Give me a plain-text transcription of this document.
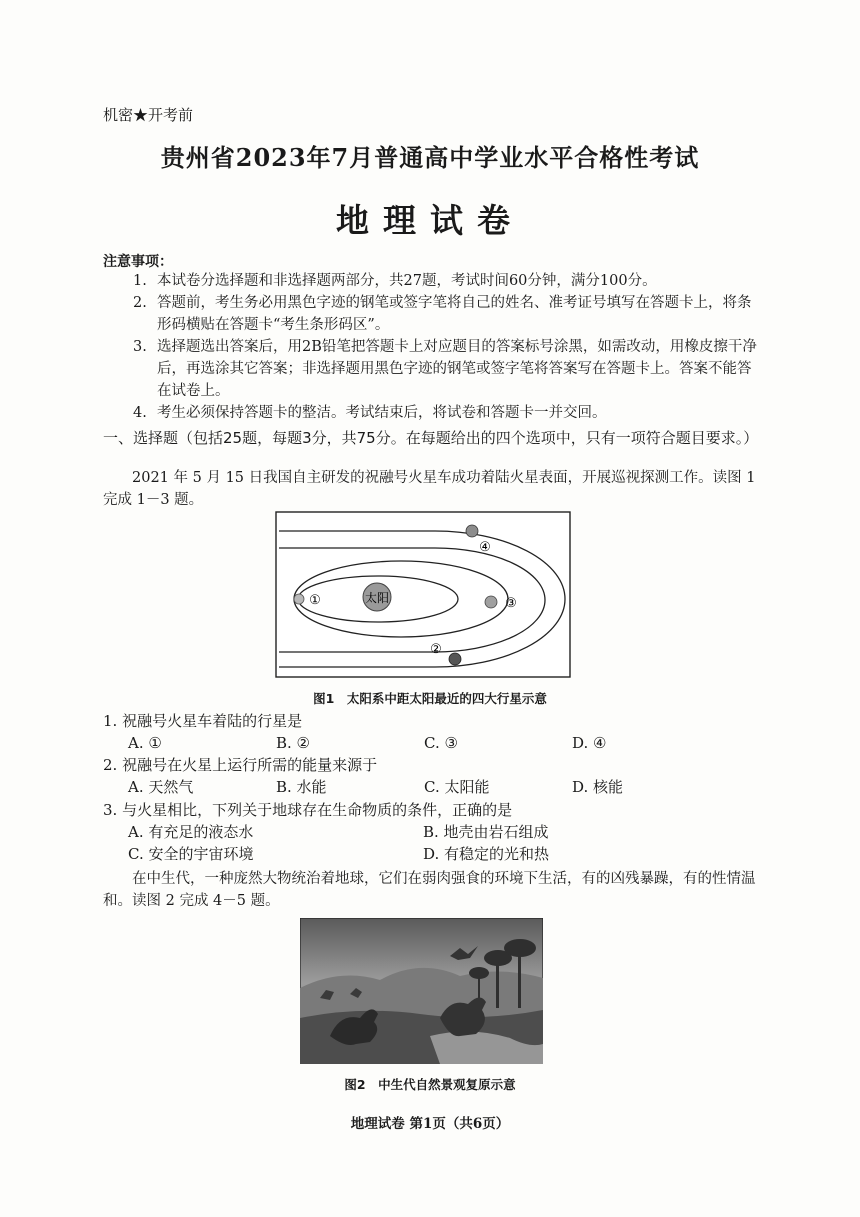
机密★开考前
贵州省2023年7月普通高中学业水平合格性考试
地理试卷
注意事项：
1. 本试卷分选择题和非选择题两部分，共27题，考试时间60分钟，满分100分。
2. 答题前，考生务必用黑色字迹的钢笔或签字笔将自己的姓名、准考证号填写在答题卡上，将条形码横贴在答题卡“考生条形码区”。
3. 选择题选出答案后，用2B铅笔把答题卡上对应题目的答案标号涂黑，如需改动，用橡皮擦干净后，再选涂其它答案；非选择题用黑色字迹的钢笔或签字笔将答案写在答题卡上。答案不能答在试卷上。
4. 考生必须保持答题卡的整洁。考试结束后，将试卷和答题卡一并交回。
一、选择题（包括25题，每题3分，共75分。在每题给出的四个选项中，只有一项符合题目要求。）
2021 年 5 月 15 日我国自主研发的祝融号火星车成功着陆火星表面，开展巡视探测工作。读图 1 完成 1－3 题。
太阳
①
②
③
④
图1　太阳系中距太阳最近的四大行星示意
1. 祝融号火星车着陆的行星是
A. ①	B. ②	C. ③	D. ④
2. 祝融号在火星上运行所需的能量来源于
A. 天然气	B. 水能	C. 太阳能	D. 核能
3. 与火星相比，下列关于地球存在生命物质的条件，正确的是
A. 有充足的液态水	B. 地壳由岩石组成
C. 安全的宇宙环境	D. 有稳定的光和热
在中生代，一种庞然大物统治着地球，它们在弱肉强食的环境下生活，有的凶残暴躁，有的性情温和。读图 2 完成 4－5 题。
图2　中生代自然景观复原示意
地理试卷 第1页（共6页）
